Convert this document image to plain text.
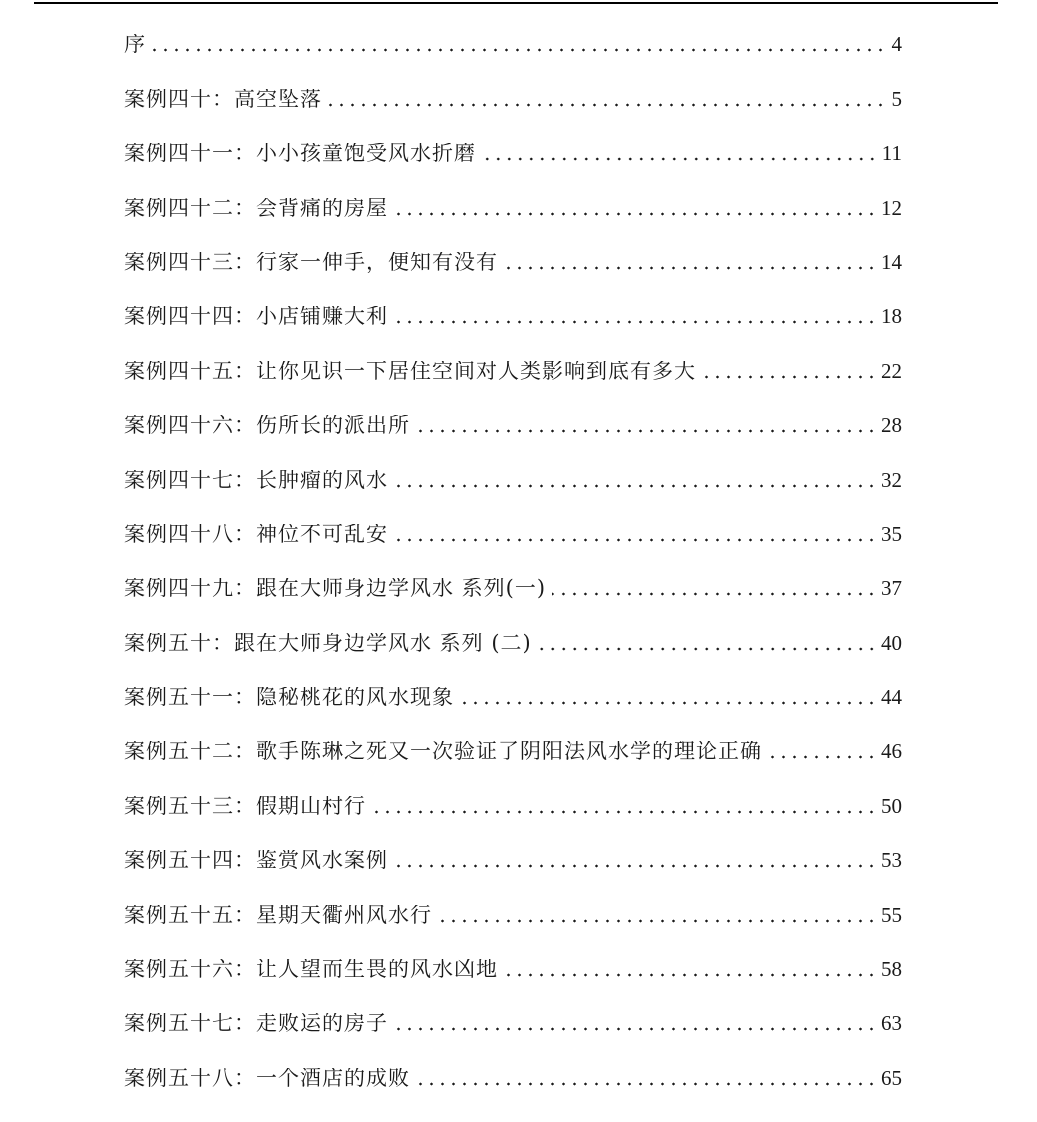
序	4
案例四十：高空坠落	5
案例四十一：小小孩童饱受风水折磨	11
案例四十二：会背痛的房屋	12
案例四十三：行家一伸手，便知有没有	14
案例四十四：小店铺赚大利	18
案例四十五：让你见识一下居住空间对人类影响到底有多大	22
案例四十六：伤所长的派出所	28
案例四十七：长肿瘤的风水	32
案例四十八：神位不可乱安	35
案例四十九：跟在大师身边学风水 系列(一)	37
案例五十：跟在大师身边学风水 系列 (二)	40
案例五十一：隐秘桃花的风水现象	44
案例五十二：歌手陈琳之死又一次验证了阴阳法风水学的理论正确	46
案例五十三：假期山村行	50
案例五十四：鉴赏风水案例	53
案例五十五：星期天衢州风水行	55
案例五十六：让人望而生畏的风水凶地	58
案例五十七：走败运的房子	63
案例五十八：一个酒店的成败	65
